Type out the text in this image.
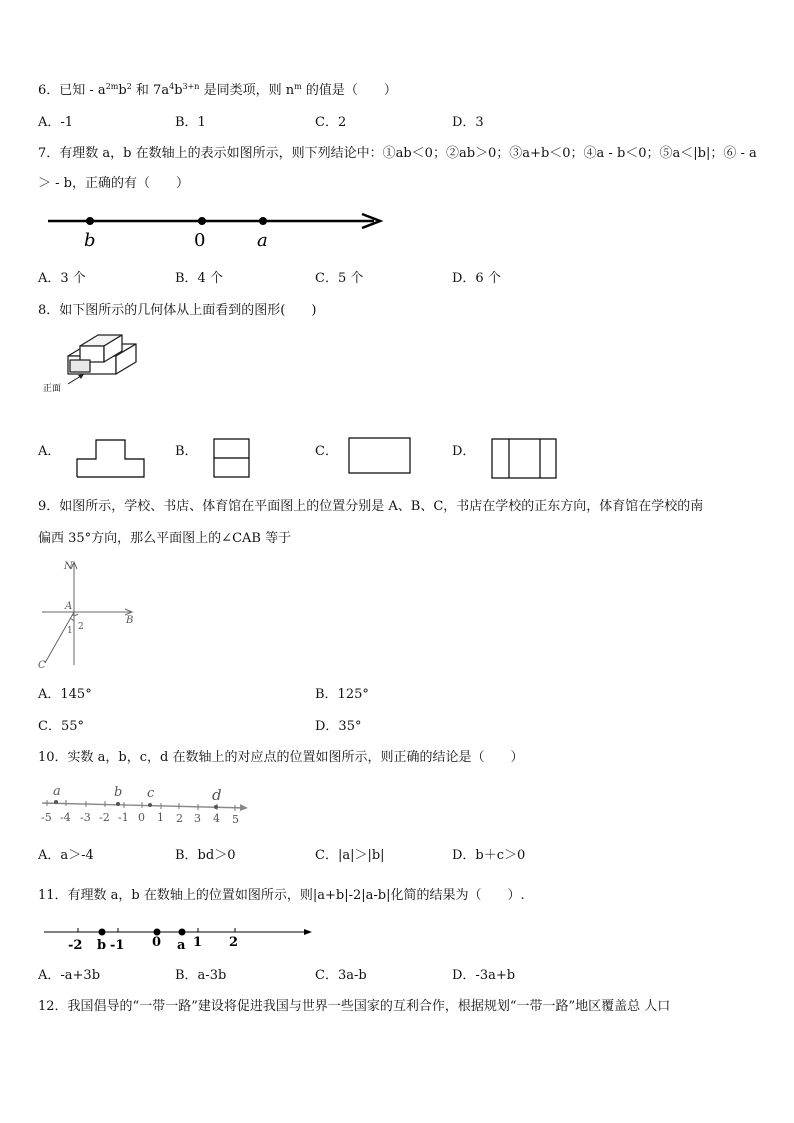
6．已知 - $a^{2m}b^2$ 和 $7a^4b^{3+n}$ 是同类项，则 $n^m$ 的值是（　　）
A．-1	B．1	C．2	D．3
7．有理数 a，b 在数轴上的表示如图所示，则下列结论中：①ab＜0；②ab＞0；③a+b＜0；④a - b＜0；⑤a＜|b|；⑥ - a
＞ - b，正确的有（　　）
b	0	a
A．3 个	B．4 个	C．5 个	D．6 个
8．如下图所示的几何体从上面看到的图形(　　)
正面
A．	B．	C．	D．
9．如图所示，学校、书店、体育馆在平面图上的位置分别是 A、B、C，书店在学校的正东方向，体育馆在学校的南
偏西 35°方向，那么平面图上的∠CAB 等于
N
A
B
C
1 2
A．145°	B．125°
C．55°	D．35°
10．实数 a，b，c，d 在数轴上的对应点的位置如图所示，则正确的结论是（　　）
a	b c	d
-5 -4 -3 -2 -1 0 1 2 3 4 5
A．a＞-4	B．bd＞0	C．|a|＞|b|	D．b＋c＞0
11．有理数 a，b 在数轴上的位置如图所示，则|a+b|-2|a-b|化简的结果为（　　）.
-2 b -1 0 a 1 2
A．-a+3b	B．a-3b	C．3a-b	D．-3a+b
12．我国倡导的“一带一路”建设将促进我国与世界一些国家的互利合作，根据规划“一带一路”地区覆盖总 人口
